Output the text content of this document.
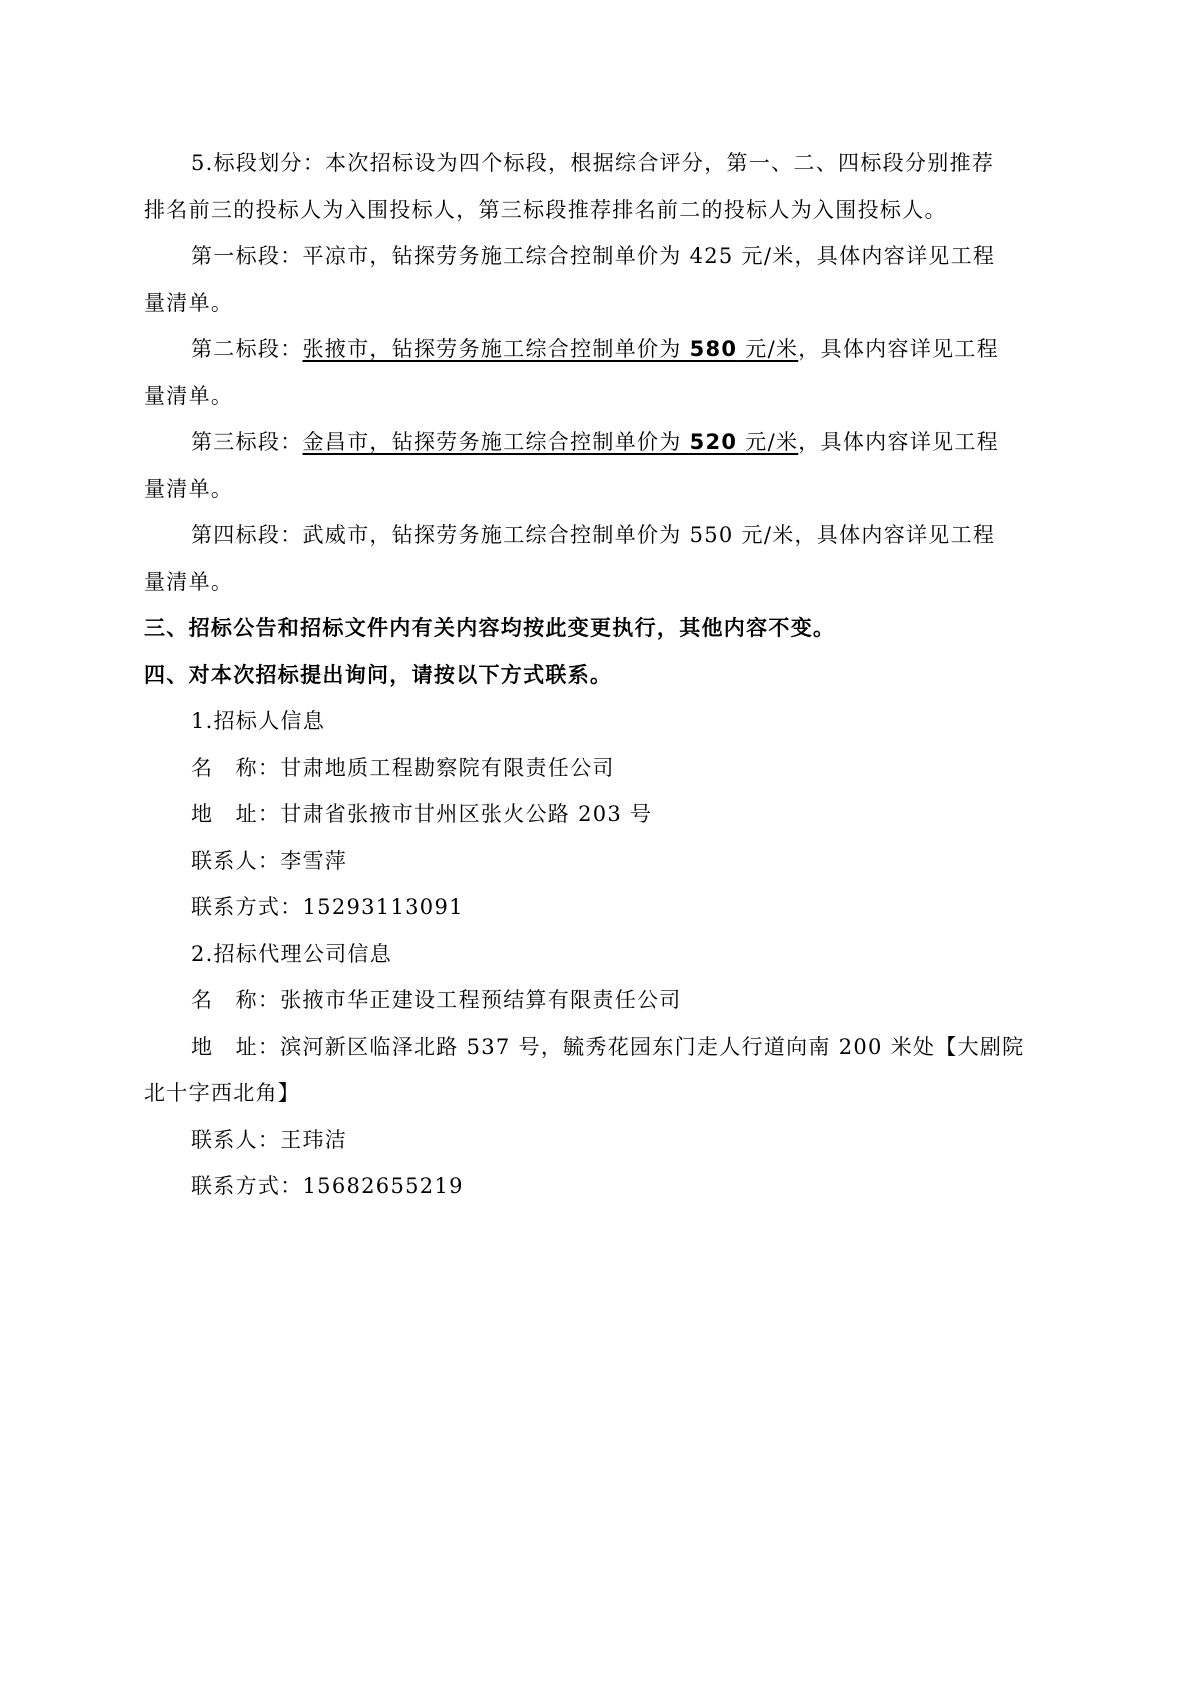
5.标段划分：本次招标设为四个标段，根据综合评分，第一、二、四标段分别推荐

排名前三的投标人为入围投标人，第三标段推荐排名前二的投标人为入围投标人。

第一标段：平凉市，钻探劳务施工综合控制单价为 425 元/米，具体内容详见工程

量清单。

第二标段：张掖市，钻探劳务施工综合控制单价为 580 元/米，具体内容详见工程

量清单。

第三标段：金昌市，钻探劳务施工综合控制单价为 520 元/米，具体内容详见工程

量清单。

第四标段：武威市，钻探劳务施工综合控制单价为 550 元/米，具体内容详见工程

量清单。

三、招标公告和招标文件内有关内容均按此变更执行，其他内容不变。

四、对本次招标提出询问，请按以下方式联系。

1.招标人信息

名　称：甘肃地质工程勘察院有限责任公司

地　址：甘肃省张掖市甘州区张火公路 203 号

联系人：李雪萍

联系方式：15293113091

2.招标代理公司信息

名　称：张掖市华正建设工程预结算有限责任公司

地　址：滨河新区临泽北路 537 号，毓秀花园东门走人行道向南 200 米处【大剧院

北十字西北角】

联系人：王玮洁

联系方式：15682655219
